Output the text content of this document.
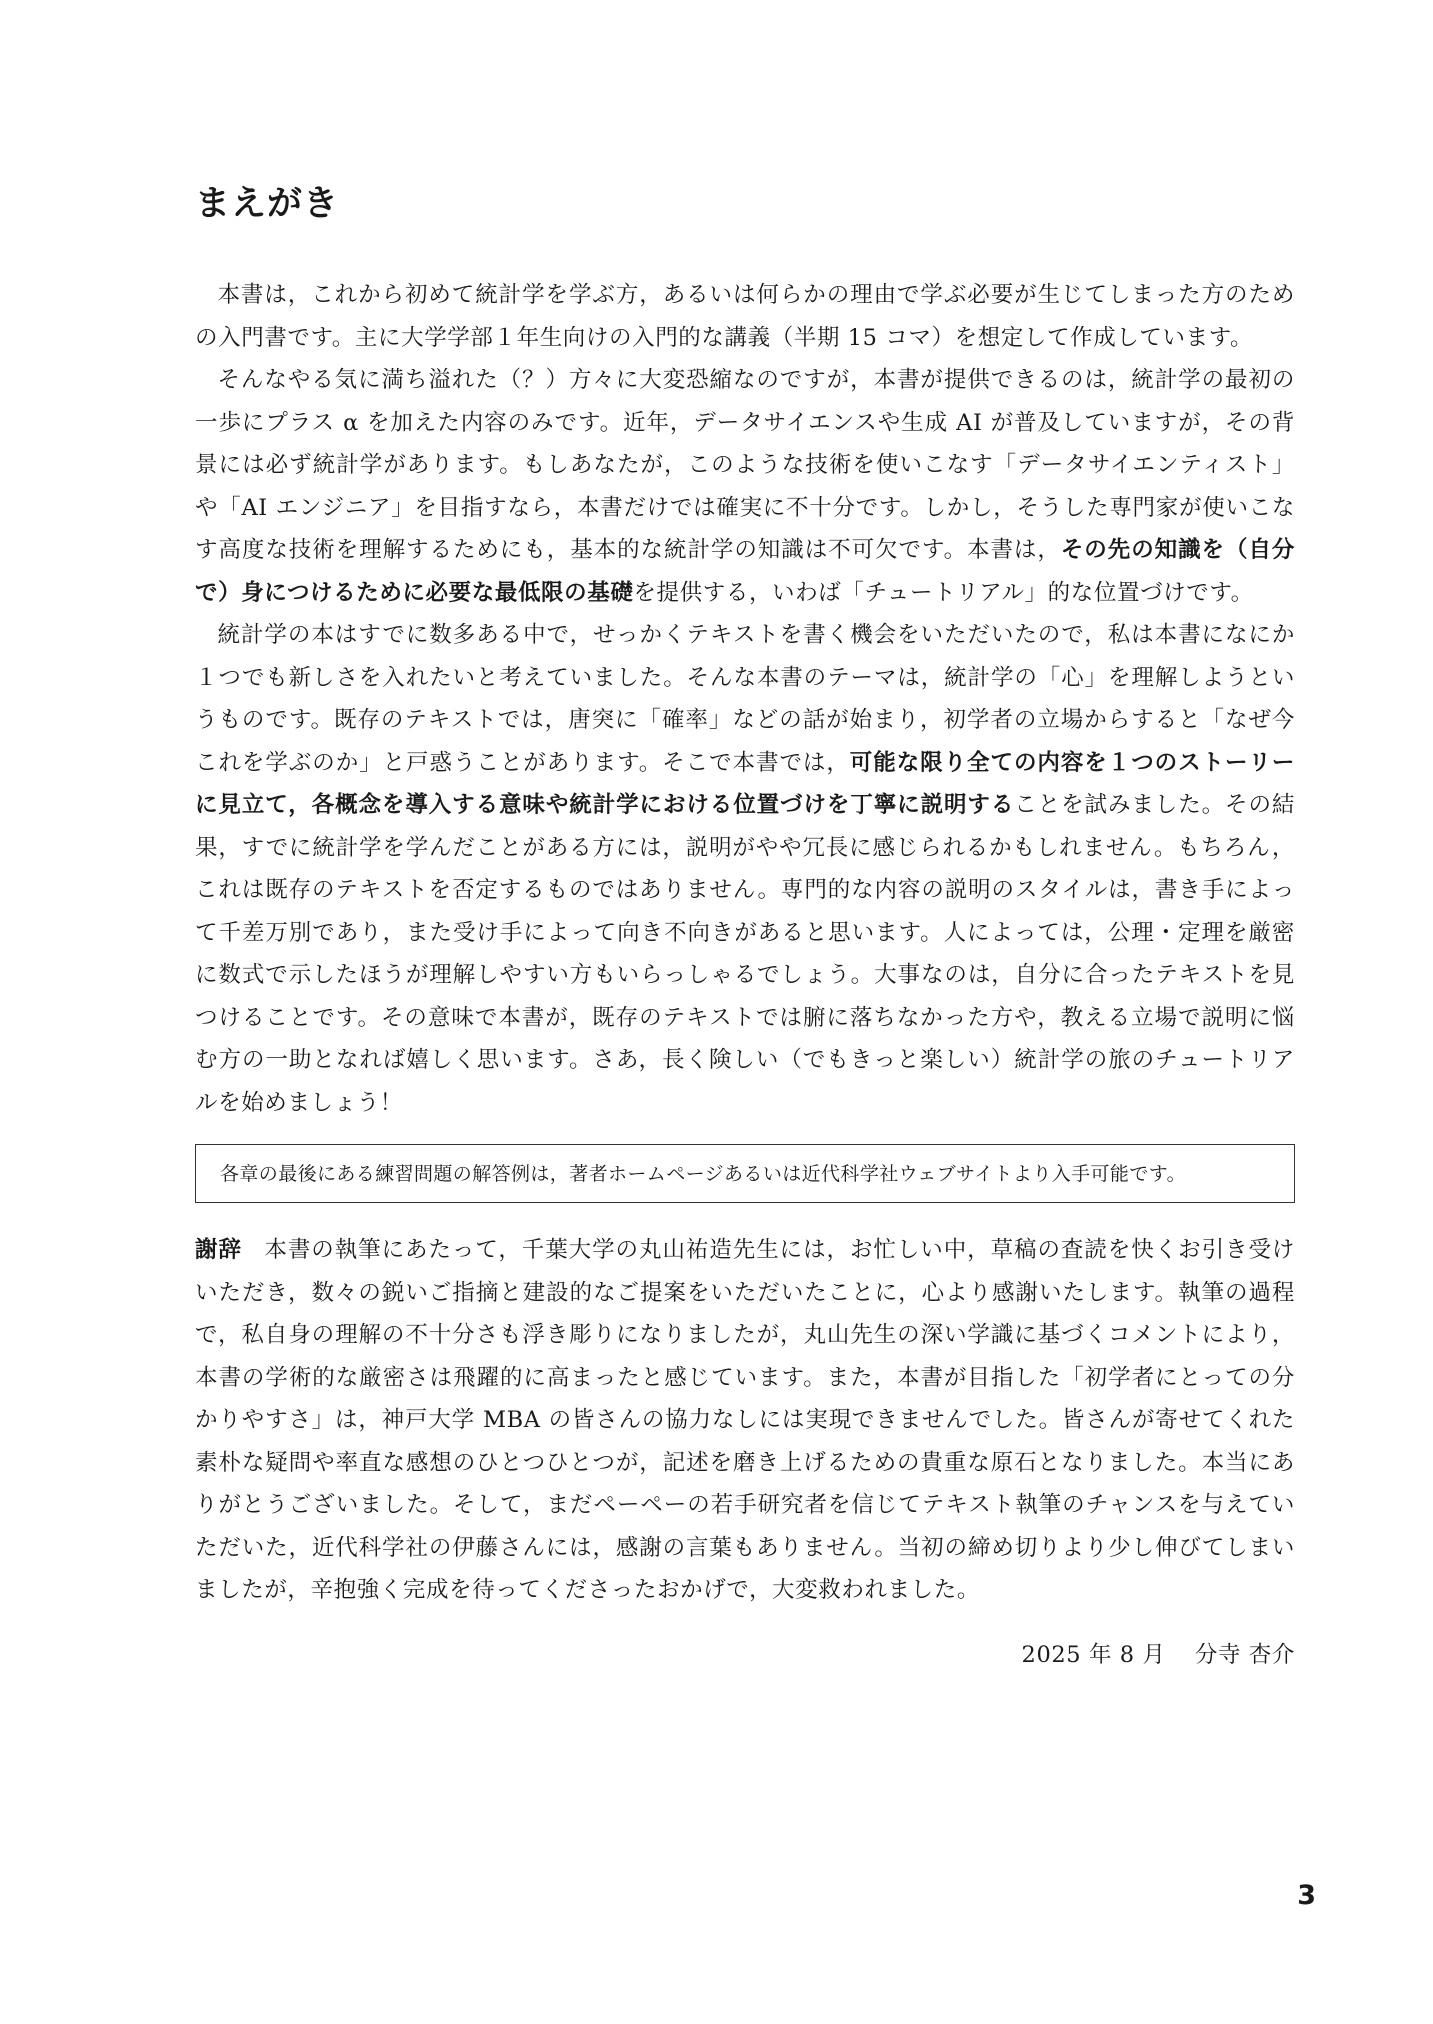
まえがき

本書は，これから初めて統計学を学ぶ方，あるいは何らかの理由で学ぶ必要が生じてしまった方のための入門書です。主に大学学部１年生向けの入門的な講義（半期 15 コマ）を想定して作成しています。

そんなやる気に満ち溢れた（？）方々に大変恐縮なのですが，本書が提供できるのは，統計学の最初の一歩にプラス α を加えた内容のみです。近年，データサイエンスや生成 AI が普及していますが，その背景には必ず統計学があります。もしあなたが，このような技術を使いこなす「データサイエンティスト」や「AI エンジニア」を目指すなら，本書だけでは確実に不十分です。しかし，そうした専門家が使いこなす高度な技術を理解するためにも，基本的な統計学の知識は不可欠です。本書は，その先の知識を（自分で）身につけるために必要な最低限の基礎を提供する，いわば「チュートリアル」的な位置づけです。

統計学の本はすでに数多ある中で，せっかくテキストを書く機会をいただいたので，私は本書になにか１つでも新しさを入れたいと考えていました。そんな本書のテーマは，統計学の「心」を理解しようというものです。既存のテキストでは，唐突に「確率」などの話が始まり，初学者の立場からすると「なぜ今これを学ぶのか」と戸惑うことがあります。そこで本書では，可能な限り全ての内容を１つのストーリーに見立て，各概念を導入する意味や統計学における位置づけを丁寧に説明することを試みました。その結果，すでに統計学を学んだことがある方には，説明がやや冗長に感じられるかもしれません。もちろん，これは既存のテキストを否定するものではありません。専門的な内容の説明のスタイルは，書き手によって千差万別であり，また受け手によって向き不向きがあると思います。人によっては，公理・定理を厳密に数式で示したほうが理解しやすい方もいらっしゃるでしょう。大事なのは，自分に合ったテキストを見つけることです。その意味で本書が，既存のテキストでは腑に落ちなかった方や，教える立場で説明に悩む方の一助となれば嬉しく思います。さあ，長く険しい（でもきっと楽しい）統計学の旅のチュートリアルを始めましょう！

各章の最後にある練習問題の解答例は，著者ホームページあるいは近代科学社ウェブサイトより入手可能です。

謝辞 本書の執筆にあたって，千葉大学の丸山祐造先生には，お忙しい中，草稿の査読を快くお引き受けいただき，数々の鋭いご指摘と建設的なご提案をいただいたことに，心より感謝いたします。執筆の過程で，私自身の理解の不十分さも浮き彫りになりましたが，丸山先生の深い学識に基づくコメントにより，本書の学術的な厳密さは飛躍的に高まったと感じています。また，本書が目指した「初学者にとっての分かりやすさ」は，神戸大学 MBA の皆さんの協力なしには実現できませんでした。皆さんが寄せてくれた素朴な疑問や率直な感想のひとつひとつが，記述を磨き上げるための貴重な原石となりました。本当にありがとうございました。そして，まだペーペーの若手研究者を信じてテキスト執筆のチャンスを与えていただいた，近代科学社の伊藤さんには，感謝の言葉もありません。当初の締め切りより少し伸びてしまいましたが，辛抱強く完成を待ってくださったおかげで，大変救われました。

2025 年 8 月 分寺 杏介
3
